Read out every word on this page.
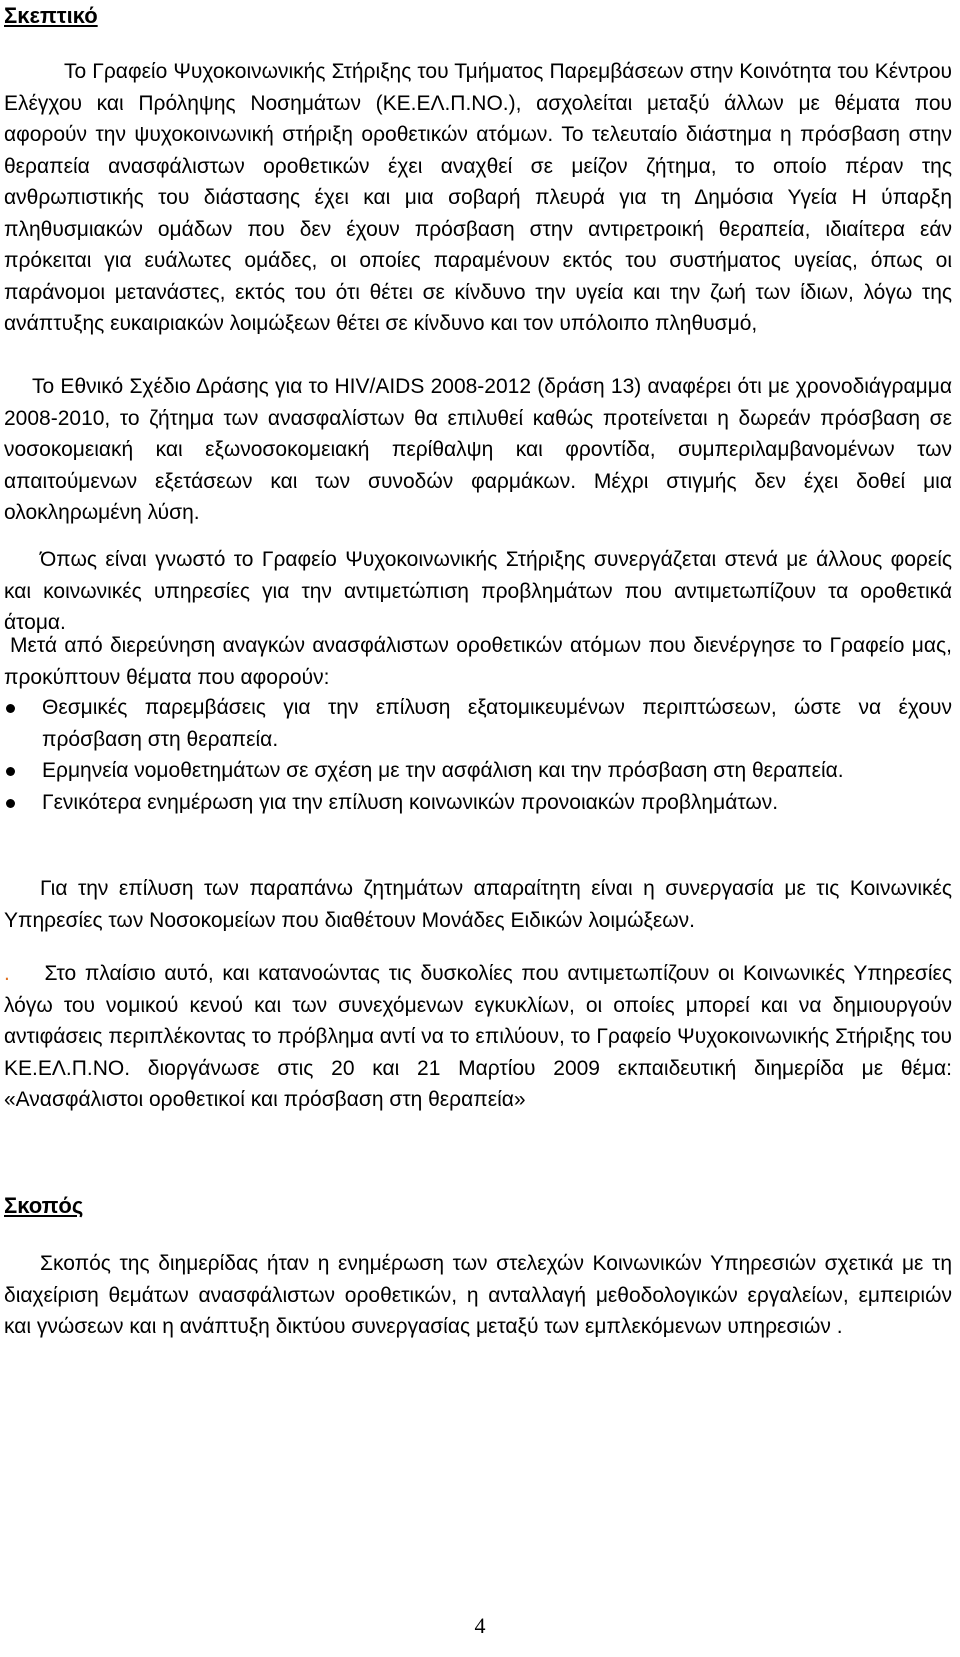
Σκεπτικό

Το Γραφείο Ψυχοκοινωνικής Στήριξης του Τμήματος Παρεμβάσεων στην Κοινότητα του Κέντρου Ελέγχου και Πρόληψης Νοσημάτων (ΚΕ.ΕΛ.Π.ΝΟ.), ασχολείται μεταξύ άλλων με θέματα που αφορούν την ψυχοκοινωνική στήριξη οροθετικών ατόμων. Το τελευταίο διάστημα η πρόσβαση στην θεραπεία ανασφάλιστων οροθετικών έχει αναχθεί σε μείζον ζήτημα, το οποίο πέραν της ανθρωπιστικής του διάστασης έχει και μια σοβαρή πλευρά για τη Δημόσια Υγεία Η ύπαρξη πληθυσμιακών ομάδων που δεν έχουν πρόσβαση στην αντιρετροική θεραπεία, ιδιαίτερα εάν πρόκειται για ευάλωτες ομάδες, οι οποίες παραμένουν εκτός του συστήματος υγείας, όπως οι παράνομοι μετανάστες, εκτός του ότι θέτει σε κίνδυνο την υγεία και την ζωή των ίδιων, λόγω της ανάπτυξης ευκαιριακών λοιμώξεων θέτει σε κίνδυνο και τον υπόλοιπο πληθυσμό,

Το Εθνικό Σχέδιο Δράσης για το HIV/AIDS 2008-2012 (δράση 13) αναφέρει ότι με χρονοδιάγραμμα 2008-2010, το ζήτημα των ανασφαλίστων θα επιλυθεί καθώς προτείνεται η δωρεάν πρόσβαση σε νοσοκομειακή και εξωνοσοκομειακή περίθαλψη και φροντίδα, συμπεριλαμβανομένων των απαιτούμενων εξετάσεων και των συνοδών φαρμάκων. Μέχρι στιγμής δεν έχει δοθεί μια ολοκληρωμένη λύση.

Όπως είναι γνωστό το Γραφείο Ψυχοκοινωνικής Στήριξης συνεργάζεται στενά με άλλους φορείς και κοινωνικές υπηρεσίες για την αντιμετώπιση προβλημάτων που αντιμετωπίζουν τα οροθετικά άτομα.

Μετά από διερεύνηση αναγκών ανασφάλιστων οροθετικών ατόμων που διενέργησε το Γραφείο μας, προκύπτουν θέματα που αφορούν:

Θεσμικές παρεμβάσεις για την επίλυση εξατομικευμένων περιπτώσεων, ώστε να έχουν πρόσβαση στη θεραπεία.
Ερμηνεία νομοθετημάτων σε σχέση με την ασφάλιση και την πρόσβαση στη θεραπεία.
Γενικότερα ενημέρωση για την επίλυση κοινωνικών προνοιακών προβλημάτων.

Για την επίλυση των παραπάνω ζητημάτων απαραίτητη είναι η συνεργασία με τις Κοινωνικές Υπηρεσίες των Νοσοκομείων που διαθέτουν Μονάδες Ειδικών λοιμώξεων.

. Στο πλαίσιο αυτό, και κατανοώντας τις δυσκολίες που αντιμετωπίζουν οι Κοινωνικές Υπηρεσίες λόγω του νομικού κενού και των συνεχόμενων εγκυκλίων, οι οποίες μπορεί και να δημιουργούν αντιφάσεις περιπλέκοντας το πρόβλημα αντί να το επιλύουν, το Γραφείο Ψυχοκοινωνικής Στήριξης του ΚΕ.ΕΛ.Π.ΝΟ. διοργάνωσε στις 20 και 21 Μαρτίου 2009 εκπαιδευτική διημερίδα με θέμα: «Ανασφάλιστοι οροθετικοί και πρόσβαση στη θεραπεία»

Σκοπός

Σκοπός της διημερίδας ήταν η ενημέρωση των στελεχών Κοινωνικών Υπηρεσιών σχετικά με τη διαχείριση θεμάτων ανασφάλιστων οροθετικών, η ανταλλαγή μεθοδολογικών εργαλείων, εμπειριών και γνώσεων και η ανάπτυξη δικτύου συνεργασίας μεταξύ των εμπλεκόμενων υπηρεσιών .

4
